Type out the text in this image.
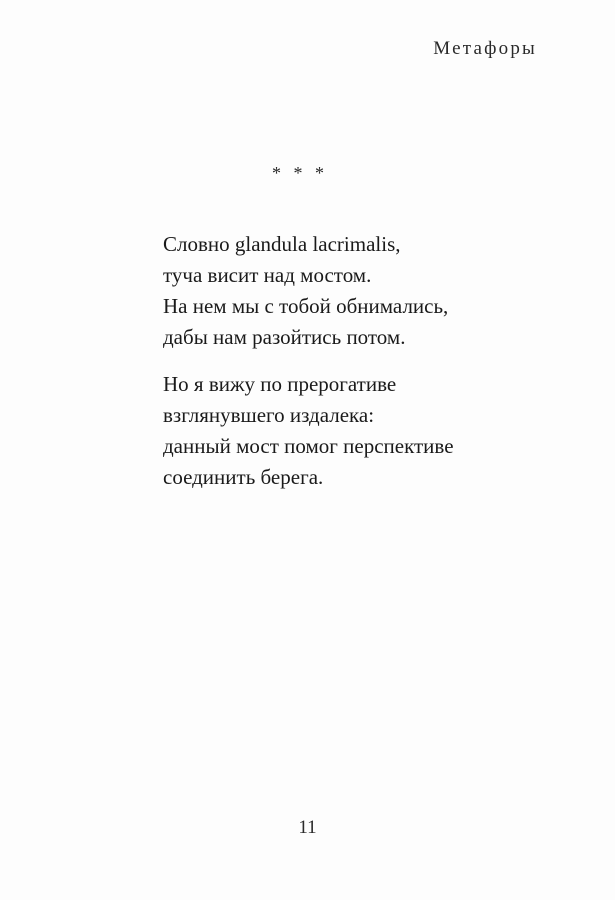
Метафоры
* * *
Словно glandula lacrimalis,
туча висит над мостом.
На нем мы с тобой обнимались,
дабы нам разойтись потом.
Но я вижу по прерогативе
взглянувшего издалека:
данный мост помог перспективе
соединить берега.
11
